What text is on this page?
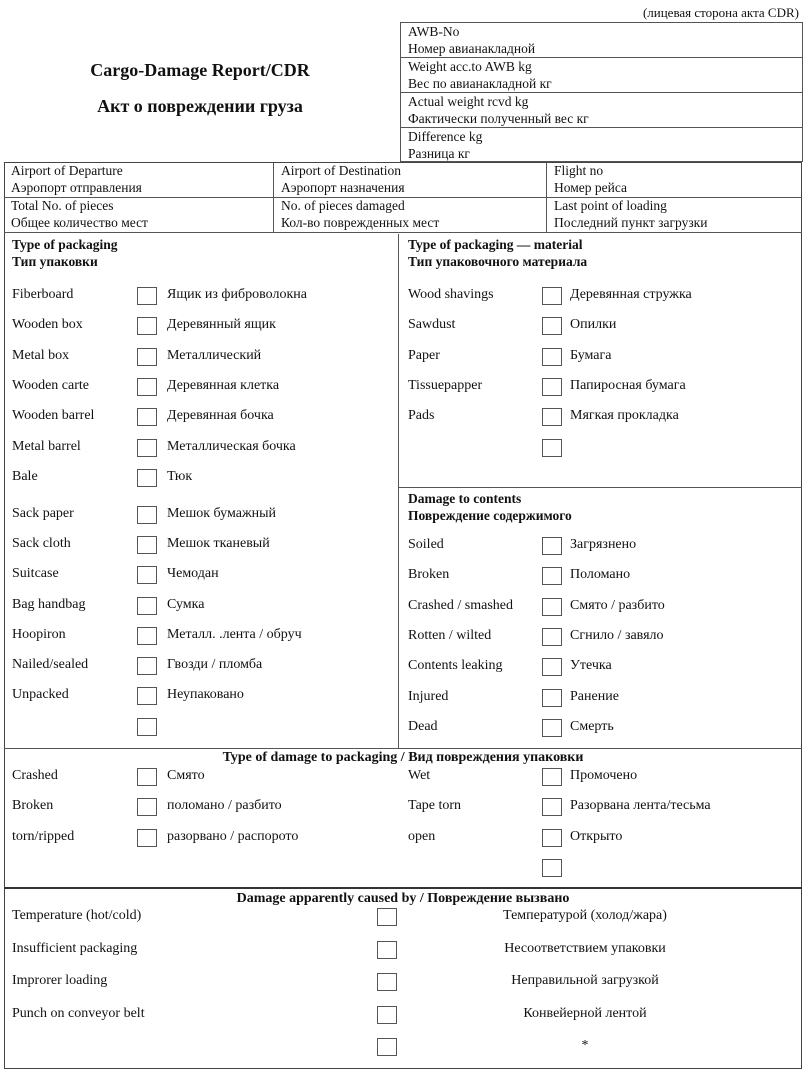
(лицевая сторона акта CDR)
Cargo-Damage Report/CDR
Акт о повреждении груза
AWB-No
Номер авианакладной
Weight acc.to AWB kg
Вес по авианакладной кг
Actual weight rcvd kg
Фактически полученный вес кг
Difference kg
Разница кг
Airport of Departure
Аэропорт отправления
Airport of Destination
Аэропорт назначения
Flight no
Номер рейса
Total No. of pieces
Общее количество мест
No. of pieces damaged
Кол-во поврежденных мест
Last point of loading
Последний пункт загрузки
Type of packaging
Тип упаковки
Type of packaging — material
Тип упаковочного материала
Damage to contents
Повреждение содержимого
Fiberboard	Ящик из фиброволокна
Wooden box	Деревянный ящик
Metal box	Металлический
Wooden carte	Деревянная клетка
Wooden barrel	Деревянная бочка
Metal barrel	Металлическая бочка
Bale	Тюк
Sack paper	Мешок бумажный
Sack cloth	Мешок тканевый
Suitcase	Чемодан
Bag handbag	Сумка
Hoopiron	Металл. .лента / обруч
Nailed/sealed	Гвозди / пломба
Unpacked	Неупаковано
Wood shavings	Деревянная стружка
Sawdust	Опилки
Paper	Бумага
Tissuepapper	Папиросная бумага
Pads	Мягкая прокладка
Soiled	Загрязнено
Broken	Поломано
Crashed / smashed	Смято / разбито
Rotten / wilted	Сгнило / завяло
Contents leaking	Утечка
Injured	Ранение
Dead	Смерть
Type of damage to packaging / Вид повреждения упаковки
Crashed	Смято
Broken	поломано / разбито
torn/ripped	разорвано / распорото
Wet	Промочено
Tape torn	Разорвана лента/тесьма
open	Открыто
Damage apparently caused by / Повреждение вызвано
Temperature (hot/cold)	Температурой (холод/жара)
Insufficient packaging	Несоответствием упаковки
Improrer loading	Неправильной загрузкой
Punch on conveyor belt	Конвейерной лентой
*
